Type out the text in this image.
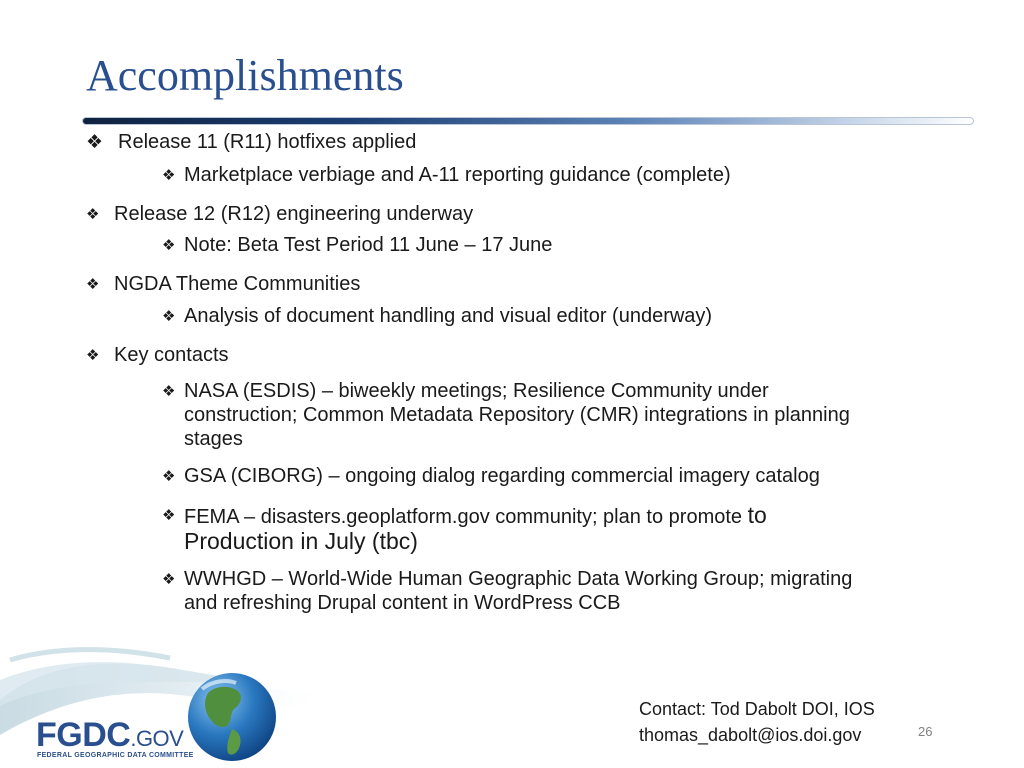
Accomplishments
❖ Release 11 (R11) hotfixes applied
❖ Marketplace verbiage and A-11 reporting guidance (complete)
❖ Release 12 (R12) engineering underway
❖ Note: Beta Test Period 11 June – 17 June
❖ NGDA Theme Communities
❖ Analysis of document handling and visual editor (underway)
❖ Key contacts
❖ NASA (ESDIS) – biweekly meetings; Resilience Community under construction; Common Metadata Repository (CMR) integrations in planning stages
❖ GSA (CIBORG) – ongoing dialog regarding commercial imagery catalog
❖ FEMA – disasters.geoplatform.gov community; plan to promote to Production in July (tbc)
❖ WWHGD – World-Wide Human Geographic Data Working Group; migrating and refreshing Drupal content in WordPress CCB
FGDC.GOV
FEDERAL GEOGRAPHIC DATA COMMITTEE
Contact: Tod Dabolt DOI, IOS
thomas_dabolt@ios.doi.gov	26
